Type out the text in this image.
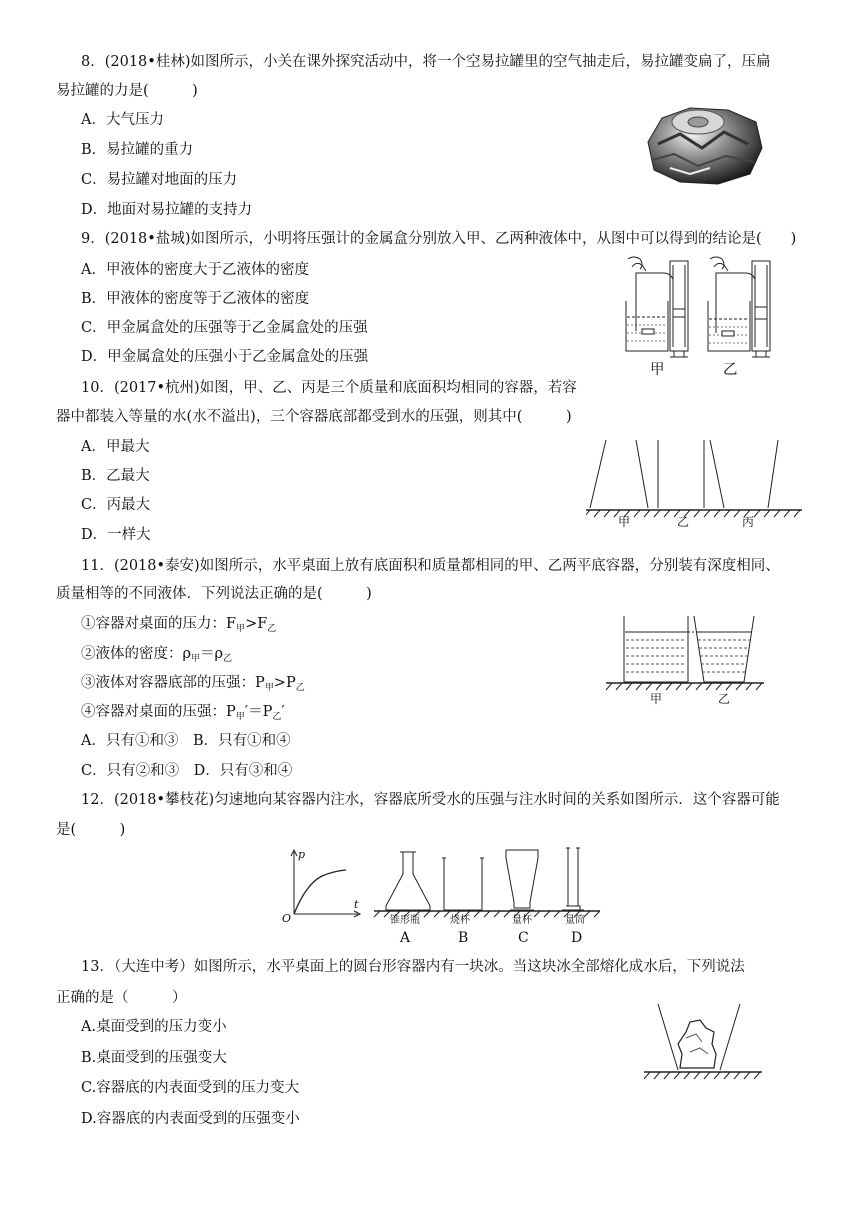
8．(2018•桂林)如图所示，小关在课外探究活动中，将一个空易拉罐里的空气抽走后，易拉罐变扁了，压扁
易拉罐的力是(　　　)
A．大气压力
B．易拉罐的重力
C．易拉罐对地面的压力
D．地面对易拉罐的支持力
9．(2018•盐城)如图所示，小明将压强计的金属盒分别放入甲、乙两种液体中，从图中可以得到的结论是(　　)
A．甲液体的密度大于乙液体的密度
B．甲液体的密度等于乙液体的密度
C．甲金属盒处的压强等于乙金属盒处的压强
D．甲金属盒处的压强小于乙金属盒处的压强
甲	乙
10．(2017•杭州)如图，甲、乙、丙是三个质量和底面积均相同的容器，若容
器中都装入等量的水(水不溢出)，三个容器底部都受到水的压强，则其中(　　　)
A．甲最大
B．乙最大
C．丙最大
D．一样大
甲	乙	丙
11．(2018•泰安)如图所示，水平桌面上放有底面积和质量都相同的甲、乙两平底容器，分别装有深度相同、
质量相等的不同液体．下列说法正确的是(　　　)
①容器对桌面的压力：$F_甲>F_乙$
②液体的密度：$\rho_甲=\rho_乙$
③液体对容器底部的压强：$P_甲>P_乙$
④容器对桌面的压强：$P_甲'=P_乙'$
A．只有①和③　B．只有①和④
C．只有②和③　D．只有③和④
甲	乙
12．(2018•攀枝花)匀速地向某容器内注水，容器底所受水的压强与注水时间的关系如图所示．这个容器可能
是(　　　)
p
t
O	锥形瓶	烧杯	量杯	量筒
A	B	C	D
13．（大连中考）如图所示，水平桌面上的圆台形容器内有一块冰。当这块冰全部熔化成水后，下列说法
正确的是（　　　）
A.桌面受到的压力变小
B.桌面受到的压强变大
C.容器底的内表面受到的压力变大
D.容器底的内表面受到的压强变小
